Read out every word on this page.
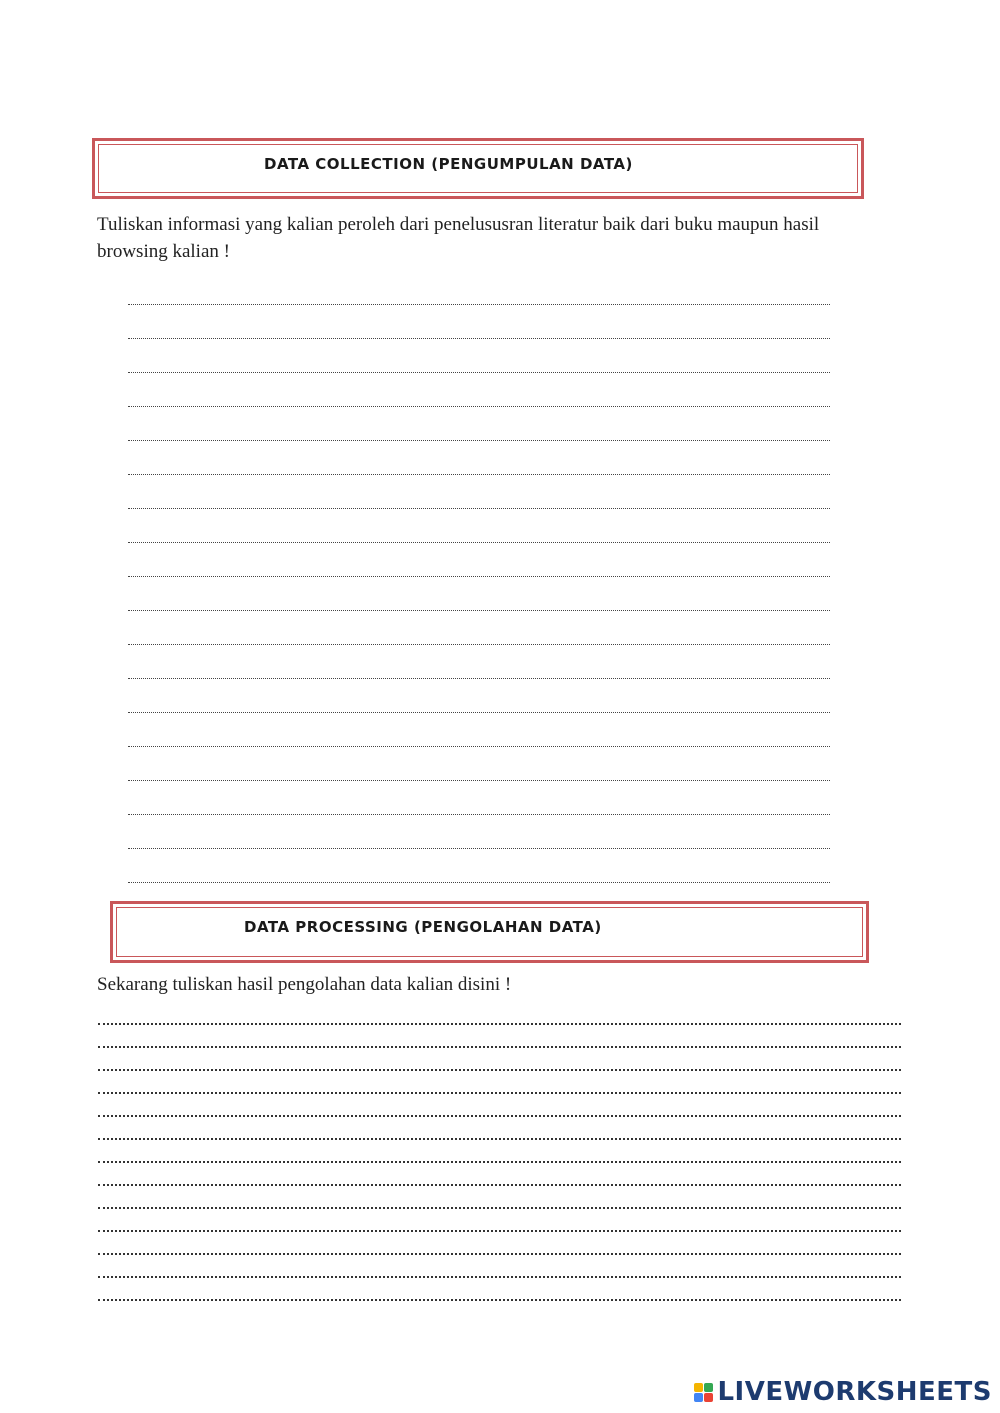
DATA COLLECTION (PENGUMPULAN DATA)
Tuliskan informasi yang kalian peroleh dari penelususran literatur baik dari buku maupun hasil browsing kalian !
DATA PROCESSING (PENGOLAHAN DATA)
Sekarang tuliskan hasil pengolahan data kalian disini !
LIVEWORKSHEETS
